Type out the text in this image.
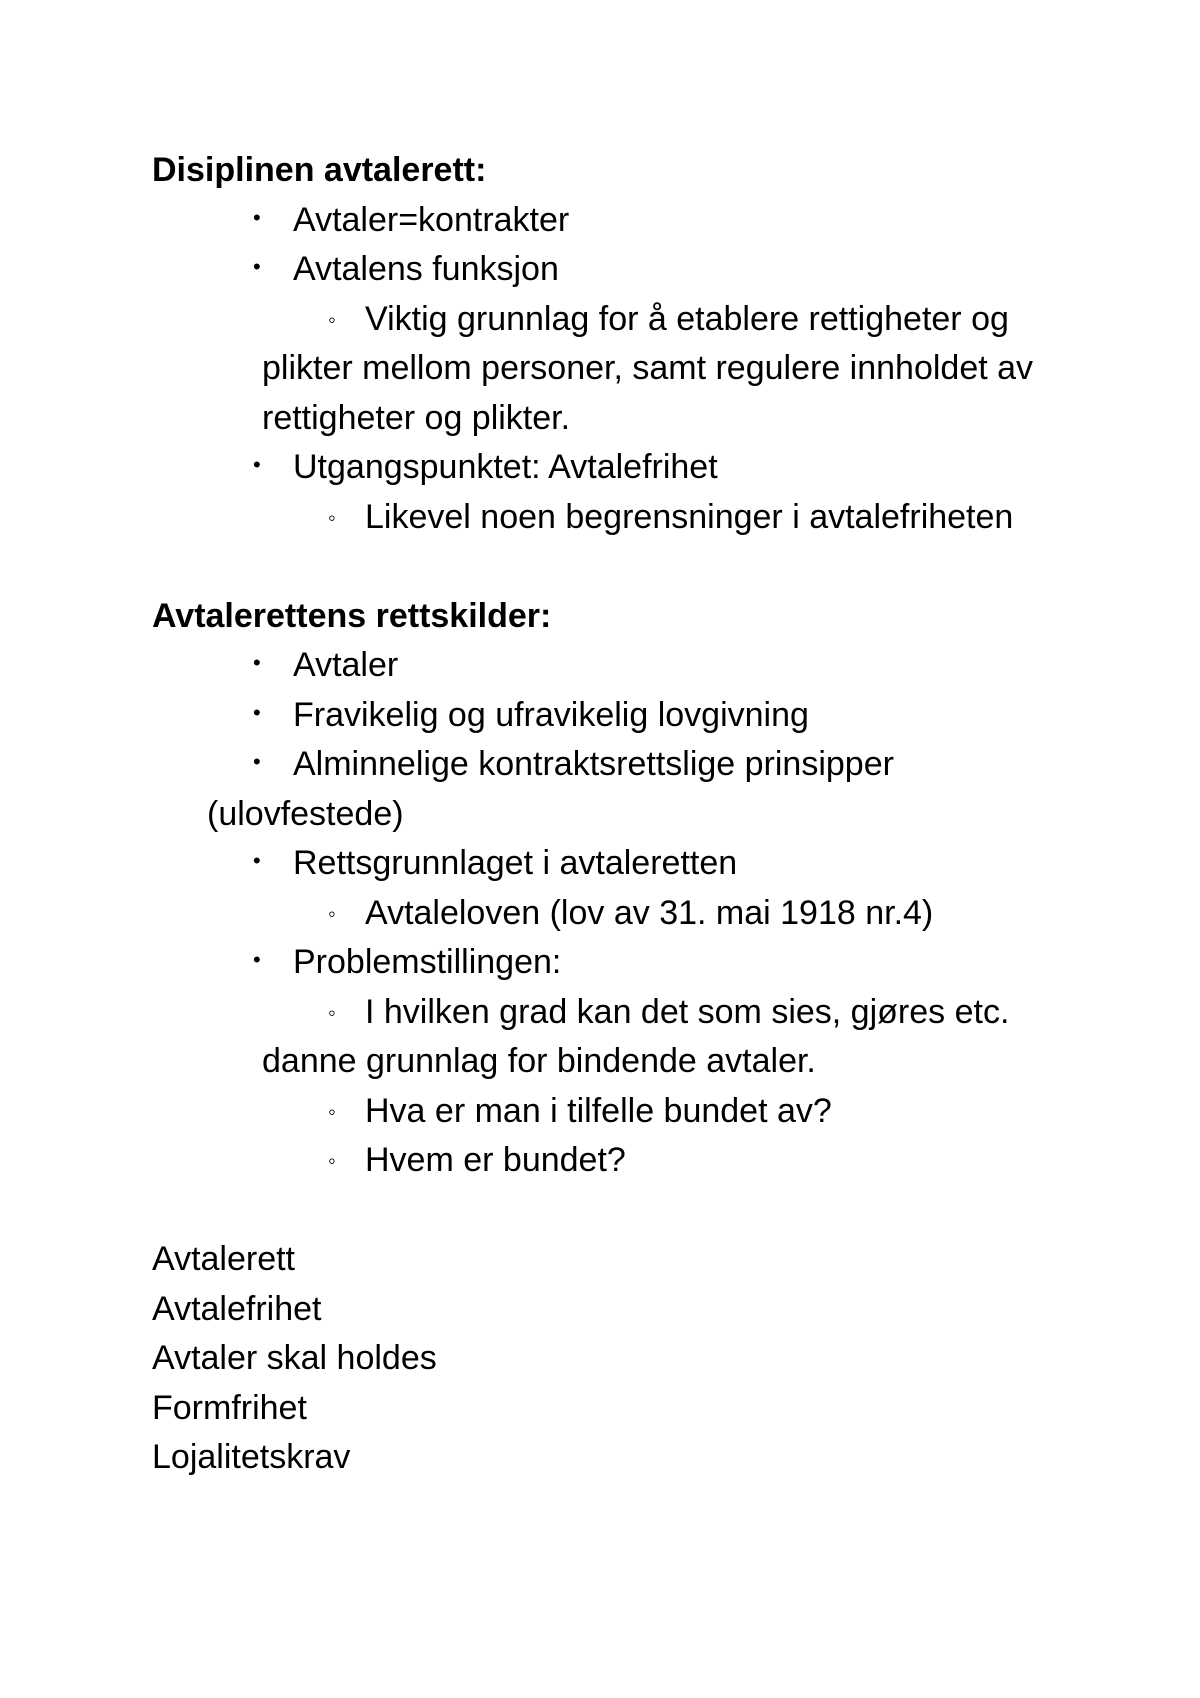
Disiplinen avtalerett:

• Avtaler=kontrakter

• Avtalens funksjon

◦ Viktig grunnlag for å etablere rettigheter og plikter mellom personer, samt regulere innholdet av rettigheter og plikter.

• Utgangspunktet: Avtalefrihet

◦ Likevel noen begrensninger i avtalefriheten

Avtalerettens rettskilder:

• Avtaler

• Fravikelig og ufravikelig lovgivning

• Alminnelige kontraktsrettslige prinsipper (ulovfestede)

• Rettsgrunnlaget i avtaleretten

◦ Avtaleloven (lov av 31. mai 1918 nr.4)

• Problemstillingen:

◦ I hvilken grad kan det som sies, gjøres etc. danne grunnlag for bindende avtaler.

◦ Hva er man i tilfelle bundet av?

◦ Hvem er bundet?

Avtalerett

Avtalefrihet

Avtaler skal holdes

Formfrihet

Lojalitetskrav
